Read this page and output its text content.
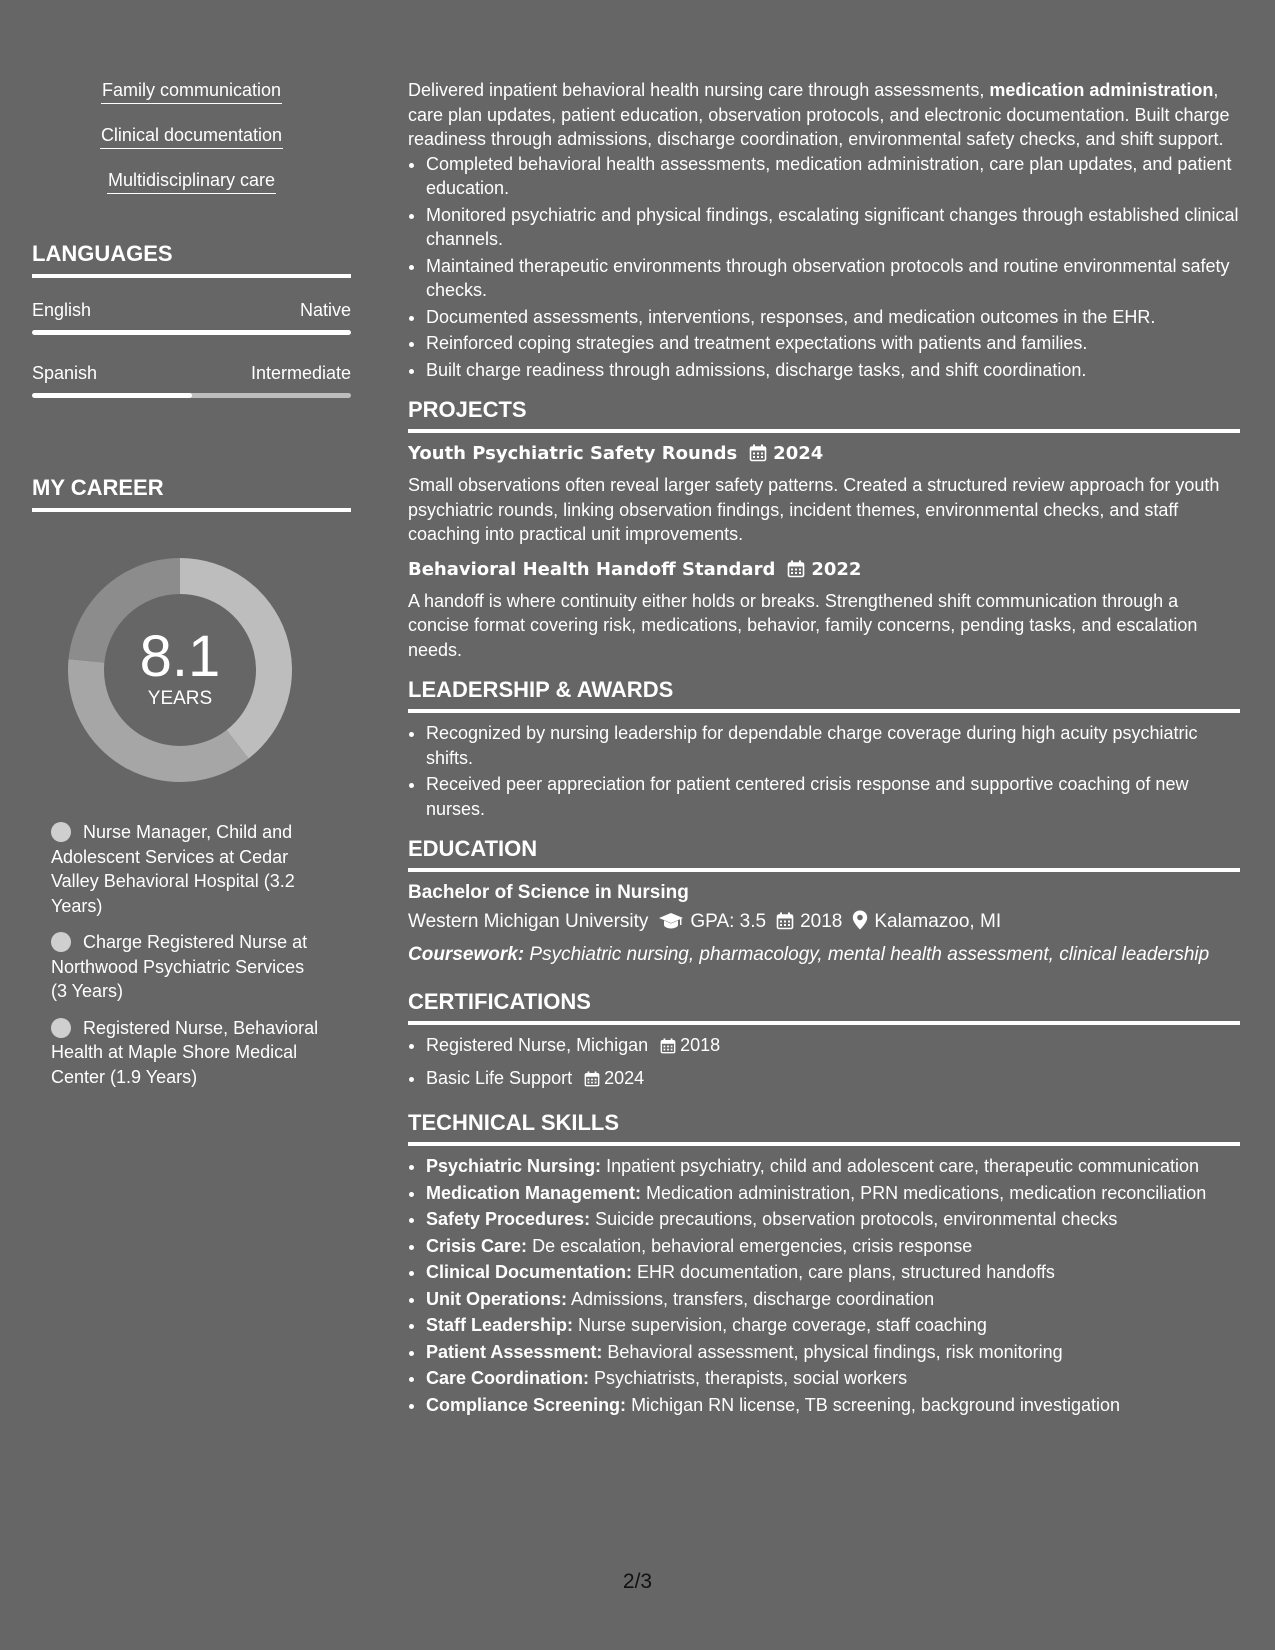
Family communication
Clinical documentation
Multidisciplinary care
LANGUAGES
English	Native
Spanish	Intermediate
MY CAREER
8.1
YEARS
Nurse Manager, Child and Adolescent Services at Cedar Valley Behavioral Hospital (3.2 Years)
Charge Registered Nurse at Northwood Psychiatric Services (3 Years)
Registered Nurse, Behavioral Health at Maple Shore Medical Center (1.9 Years)

Delivered inpatient behavioral health nursing care through assessments, medication administration, care plan updates, patient education, observation protocols, and electronic documentation. Built charge readiness through admissions, discharge coordination, environmental safety checks, and shift support.

• Completed behavioral health assessments, medication administration, care plan updates, and patient education.
• Monitored psychiatric and physical findings, escalating significant changes through established clinical channels.
• Maintained therapeutic environments through observation protocols and routine environmental safety checks.
• Documented assessments, interventions, responses, and medication outcomes in the EHR.
• Reinforced coping strategies and treatment expectations with patients and families.
• Built charge readiness through admissions, discharge tasks, and shift coordination.
PROJECTS
Youth Psychiatric Safety Rounds 2024

Small observations often reveal larger safety patterns. Created a structured review approach for youth psychiatric rounds, linking observation findings, incident themes, environmental checks, and staff coaching into practical unit improvements.

Behavioral Health Handoff Standard 2022

A handoff is where continuity either holds or breaks. Strengthened shift communication through a concise format covering risk, medications, behavior, family concerns, pending tasks, and escalation needs.

LEADERSHIP & AWARDS
• Recognized by nursing leadership for dependable charge coverage during high acuity psychiatric shifts.
• Received peer appreciation for patient centered crisis response and supportive coaching of new nurses.
EDUCATION
Bachelor of Science in Nursing
Western Michigan University GPA: 3.5 2018 Kalamazoo, MI
Coursework: Psychiatric nursing, pharmacology, mental health assessment, clinical leadership
CERTIFICATIONS
• Registered Nurse, Michigan 2018
• Basic Life Support 2024
TECHNICAL SKILLS
• Psychiatric Nursing: Inpatient psychiatry, child and adolescent care, therapeutic communication
• Medication Management: Medication administration, PRN medications, medication reconciliation
• Safety Procedures: Suicide precautions, observation protocols, environmental checks
• Crisis Care: De escalation, behavioral emergencies, crisis response
• Clinical Documentation: EHR documentation, care plans, structured handoffs
• Unit Operations: Admissions, transfers, discharge coordination
• Staff Leadership: Nurse supervision, charge coverage, staff coaching
• Patient Assessment: Behavioral assessment, physical findings, risk monitoring
• Care Coordination: Psychiatrists, therapists, social workers
• Compliance Screening: Michigan RN license, TB screening, background investigation
2/3
